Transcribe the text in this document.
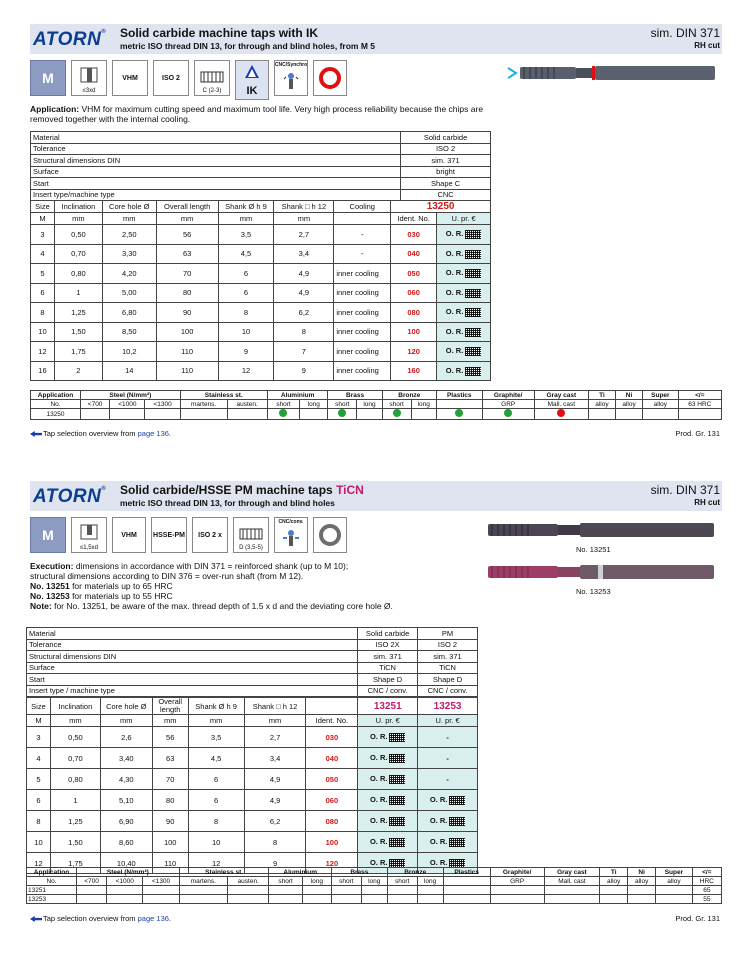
ATORN® Solid carbide machine taps with IK
metric ISO thread DIN 13, for through and blind holes, from M 5
sim. DIN 371
RH cut
M
≤3xd
VHM	ISO 2
C (2-3)	IK
CNC/Synchro
Application: VHM for maximum cutting speed and maximum tool life. Very high process reliability because the chips are removed together with the internal cooling.
Material	Solid carbide
Tolerance	ISO 2
Structural dimensions DIN	sim. 371
Surface	bright
Start	Shape C
Insert type/machine type	CNC
Size	Inclination	Core hole Ø	Overall length	Shank Ø h 9	Shank □ h 12	Cooling	13250	
M	mm	mm	mm	mm	mm		Ident. No.	U. pr. €
3	0,50	2,50	56	3,5	2,7	-	030	O. R.
4	0,70	3,30	63	4,5	3,4	-	040	O. R.
5	0,80	4,20	70	6	4,9	inner cooling	050	O. R.
6	1	5,00	80	6	4,9	inner cooling	060	O. R.
8	1,25	6,80	90	8	6,2	inner cooling	080	O. R.
10	1,50	8,50	100	10	8	inner cooling	100	O. R.
12	1,75	10,2	110	9	7	inner cooling	120	O. R.
16	2	14	110	12	9	inner cooling	160	O. R.
Application	Steel (N/mm²)			Stainless st.		Aluminium		Brass		Bronze		Plastics	Graphite/	Gray cast	Ti	Ni	Super	</=
No.	<700	<1000	<1300	martens.	austen.	short	long	short	long	short	long		GRP	Mall. cast	alloy	alloy	alloy	63 HRC
13250																		
Tap selection overview from page 136.	Prod. Gr. 131
ATORN® Solid carbide/HSSE PM machine taps TiCN
metric ISO thread DIN 13, for through and blind holes
sim. DIN 371
RH cut
M
≤1,5xd
VHM HSSE-PM ISO 2 x
D (3,5-5)
CNC/conv.
No. 13251
No. 13253
Execution: dimensions in accordance with DIN 371 = reinforced shank (up to M 10);
structural dimensions according to DIN 376 = over-run shaft (from M 12).
No. 13251 for materials up to 65 HRC
No. 13253 for materials up to 55 HRC
Note: for No. 13251, be aware of the max. thread depth of 1.5 x d and the deviating core hole Ø.
Material	Solid carbide	PM
Tolerance	ISO 2X	ISO 2
Structural dimensions DIN	sim. 371	sim. 371
Surface	TiCN	TiCN
Start	Shape D	Shape D
Insert type / machine type	CNC / conv.	CNC / conv.
Size	Inclination	Core hole Ø	Overall length	Shank Ø h 9	Shank □ h 12		13251	13253
M	mm	mm	mm	mm	mm	Ident. No.	U. pr. €	U. pr. €
3	0,50	2,6	56	3,5	2,7	030	O. R.	-
4	0,70	3,40	63	4,5	3,4	040	O. R.	-
5	0,80	4,30	70	6	4,9	050	O. R.	-
6	1	5,10	80	6	4,9	060	O. R.	O. R.
8	1,25	6,90	90	8	6,2	080	O. R.	O. R.
10	1,50	8,60	100	10	8	100	O. R.	O. R.
12	1,75	10,40	110	12	9	120	O. R.	O. R.
Application	Steel (N/mm²)			Stainless st.		Aluminium		Brass		Bronze		Plastics	Graphite/	Gray cast	Ti	Ni	Super	</=
No.	<700	<1000	<1300	martens.	austen.	short	long	short	long	short	long		GRP	Mall. cast	alloy	alloy	alloy	HRC
13251																		65
13253																		55
Tap selection overview from page 136.	Prod. Gr. 131
